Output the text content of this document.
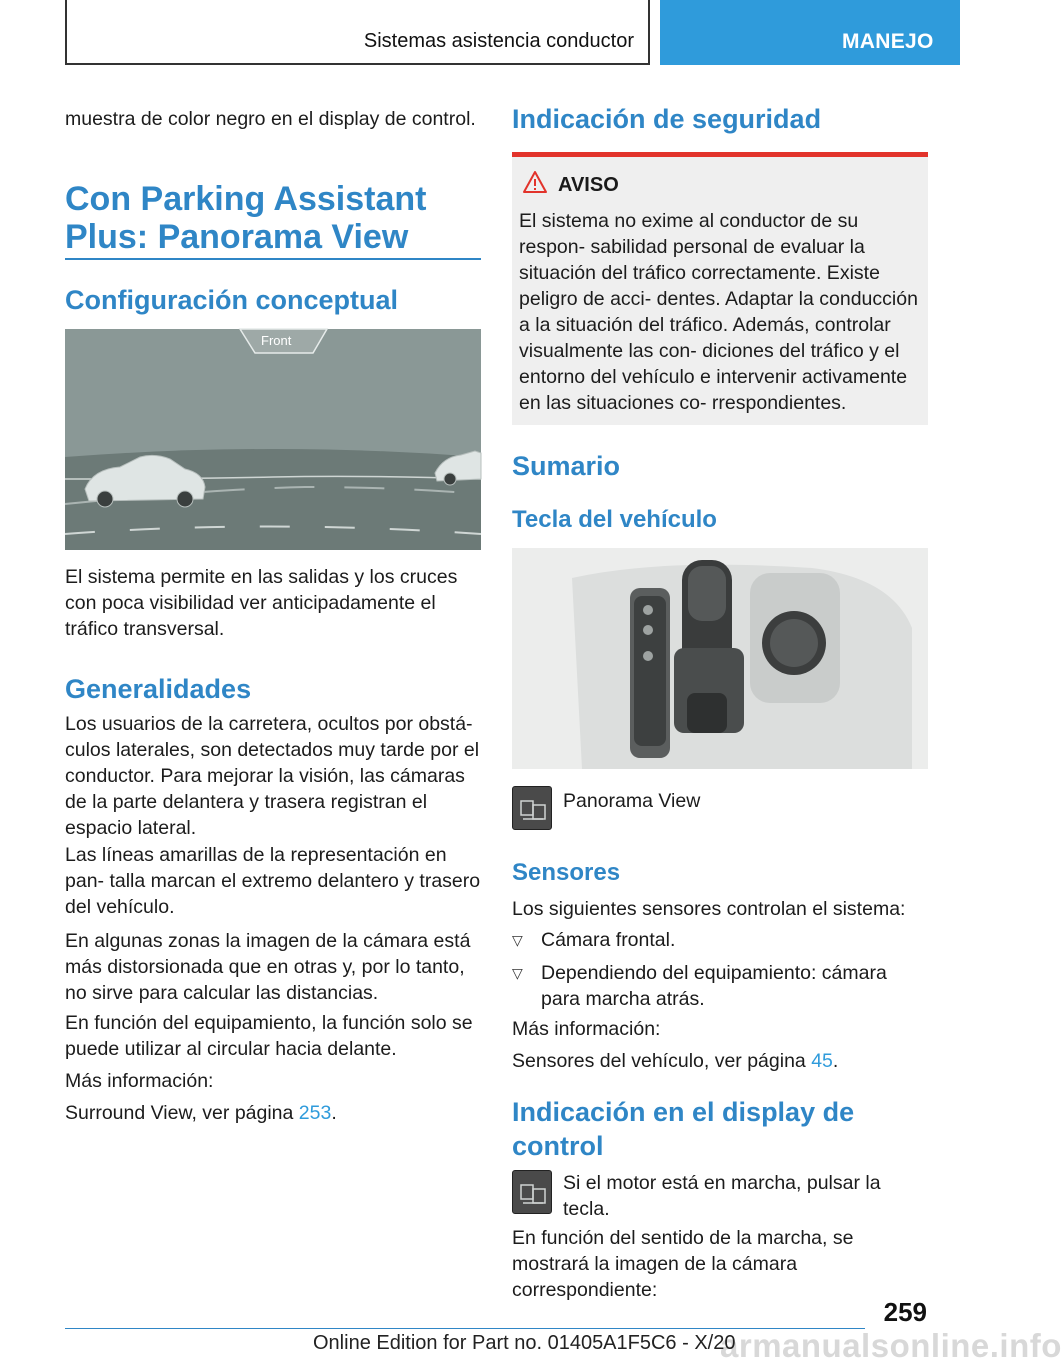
Sistemas asistencia conductor	MANEJO

muestra de color negro en el display de control.

Con Parking Assistant Plus: Panorama View
Configuración conceptual
Front

El sistema permite en las salidas y los cruces con poca visibilidad ver anticipadamente el tráfico transversal.

Generalidades

Los usuarios de la carretera, ocultos por obstá- culos laterales, son detectados muy tarde por el conductor. Para mejorar la visión, las cámaras de la parte delantera y trasera registran el espacio lateral.

Las líneas amarillas de la representación en pan- talla marcan el extremo delantero y trasero del vehículo.

En algunas zonas la imagen de la cámara está más distorsionada que en otras y, por lo tanto, no sirve para calcular las distancias.

En función del equipamiento, la función solo se puede utilizar al circular hacia delante.

Más información:

Surround View, ver página 253.

Indicación de seguridad
AVISO

El sistema no exime al conductor de su respon- sabilidad personal de evaluar la situación del tráfico correctamente. Existe peligro de acci- dentes. Adaptar la conducción a la situación del tráfico. Además, controlar visualmente las con- diciones del tráfico y el entorno del vehículo e intervenir activamente en las situaciones co- rrespondientes.

Sumario
Tecla del vehículo

Panorama View

Sensores

Los siguientes sensores controlan el sistema:

▽ Cámara frontal.

▽ Dependiendo del equipamiento: cámara para marcha atrás.

Más información:

Sensores del vehículo, ver página 45.

Indicación en el display de control

Si el motor está en marcha, pulsar la tecla.

En función del sentido de la marcha, se mostrará la imagen de la cámara correspondiente:

259
armanualsonline.info
Online Edition for Part no. 01405A1F5C6 - X/20
